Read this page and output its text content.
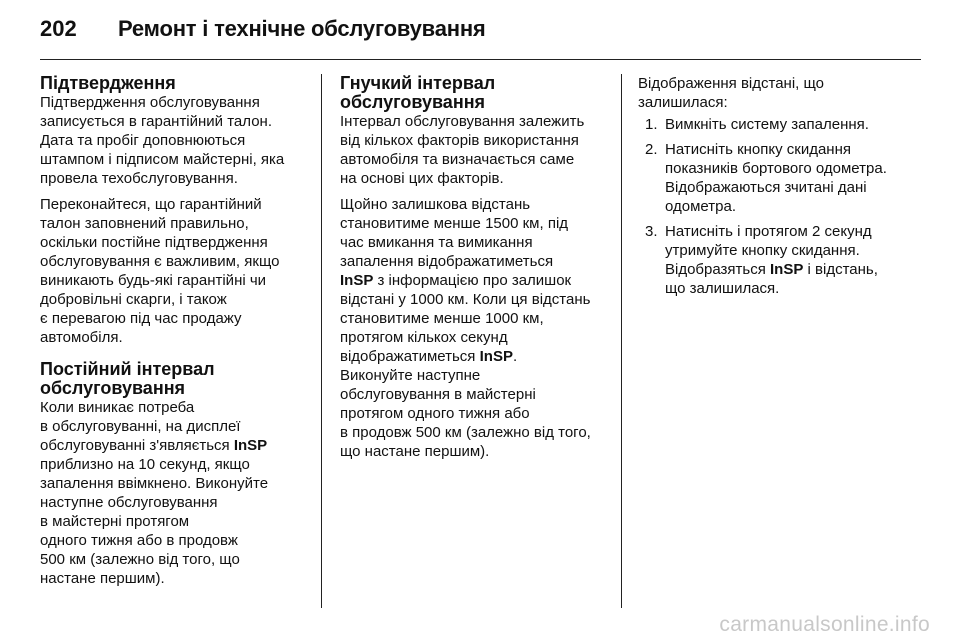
202 Ремонт і технічне обслуговування
Підтвердження

Підтвердження обслуговування
записується в гарантійний талон.
Дата та пробіг доповнюються
штампом і підписом майстерні, яка
провела техобслуговування.

Переконайтеся, що гарантійний
талон заповнений правильно,
оскільки постійне підтвердження
обслуговування є важливим, якщо
виникають будь-які гарантійні чи
добровільні скарги, і також
є перевагою під час продажу
автомобіля.

Постійний інтервал
обслуговування

Коли виникає потреба
в обслуговуванні, на дисплеї
обслуговуванні з'являється InSP
приблизно на 10 секунд, якщо
запалення ввімкнено. Виконуйте
наступне обслуговування
в майстерні протягом
одного тижня або в продовж
500 км (залежно від того, що
настане першим).

Гнучкий інтервал
обслуговування

Інтервал обслуговування залежить
від кількох факторів використання
автомобіля та визначається саме
на основі цих факторів.

Щойно залишкова відстань
становитиме менше 1500 км, під
час вмикання та вимикання
запалення відображатиметься
InSP з інформацією про залишок
відстані у 1000 км. Коли ця відстань
становитиме менше 1000 км,
протягом кількох секунд
відображатиметься InSP.
Виконуйте наступне
обслуговування в майстерні
протягом одного тижня або
в продовж 500 км (залежно від того,
що настане першим).

Відображення відстані, що
залишилася:

1. Вимкніть систему запалення.
2. Натисніть кнопку скидання
показників бортового одометра.
Відображаються зчитані дані
одометра.
3. Натисніть і протягом 2 секунд
утримуйте кнопку скидання.
Відобразяться InSP і відстань,
що залишилася.
carmanualsonline.info
